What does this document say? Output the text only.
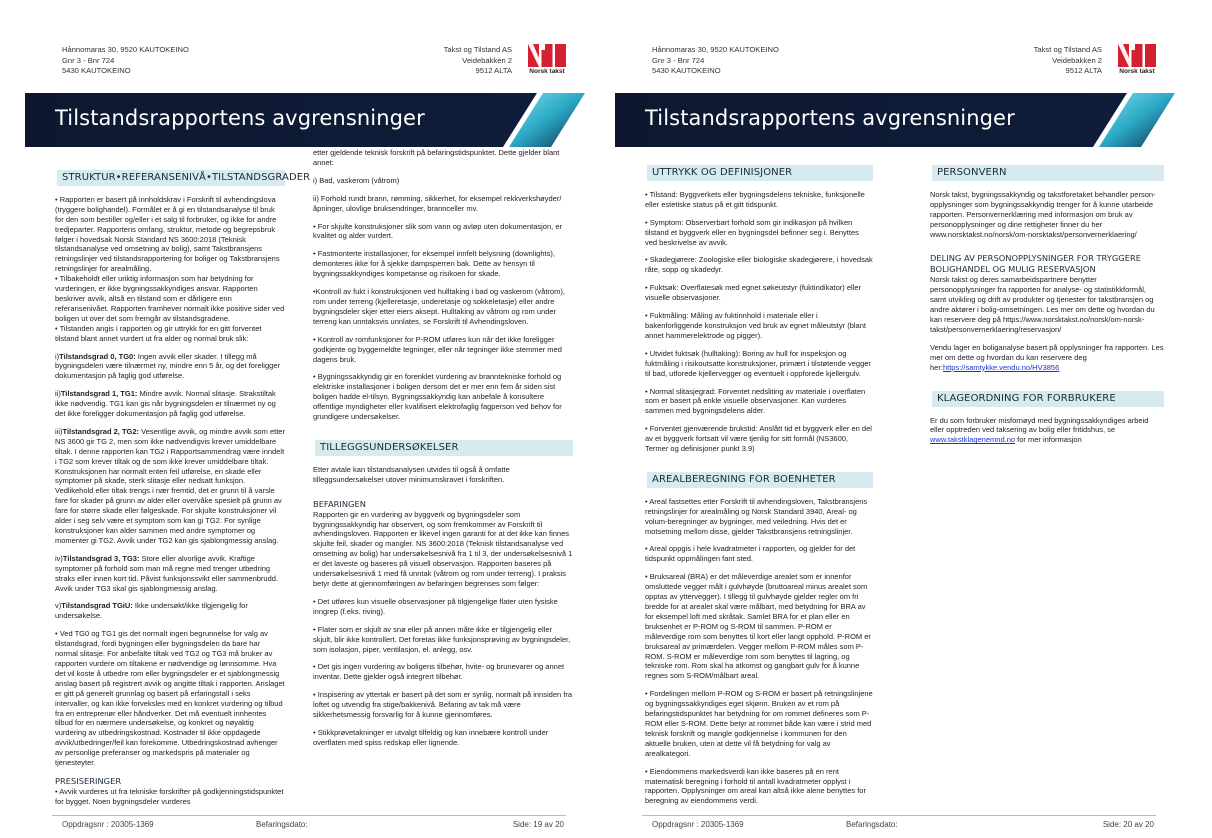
Hånnomaras 30, 9520 KAUTOKEINO
Gnr 3 - Bnr 724
5430 KAUTOKEINO
Takst og Tilstand AS
Veidebakken 2
9512 ALTA	Norsk takst
Tilstandsrapportens avgrensninger
STRUKTUR•REFERANSENIVÅ•TILSTANDSGRADER
• Rapporten er basert på innholdskrav i Forskrift til avhendingslova (tryggere bolighandel). Formålet er å gi en tilstandsanalyse til bruk for den som bestiller og/eller i et salg til forbruker, og ikke for andre tredjeparter. Rapportens omfang, struktur, metode og begrepsbruk følger i hovedsak Norsk Standard NS 3600:2018 (Teknisk tilstandsanalyse ved omsetning av bolig), samt Takstbransjens retningslinjer ved tilstandsrapportering for boliger og Takstbransjens retningslinjer for arealmåling.
• Tilbakeholdt eller uriktig informasjon som har betydning for vurderingen, er ikke bygningssakkyndiges ansvar. Rapporten beskriver avvik, altså en tilstand som er dårligere enn referansenivået. Rapporten framhever normalt ikke positive sider ved boligen ut over det som fremgår av tilstandsgradene.
• Tilstanden angis i rapporten og gir uttrykk for en gitt forventet tilstand blant annet vurdert ut fra alder og normal bruk slik:
i)Tilstandsgrad 0, TG0: Ingen avvik eller skader. I tillegg må bygningsdelen være tilnærmet ny, mindre enn 5 år, og det foreligger dokumentasjon på faglig god utførelse.
ii)Tilstandsgrad 1, TG1: Mindre avvik. Normal slitasje. Strakstiltak ikke nødvendig. TG1 kan gis når bygningsdelen er tilnærmet ny og det ikke foreligger dokumentasjon på faglig god utførelse.
iii)Tilstandsgrad 2, TG2: Vesentlige avvik, og mindre avvik som etter NS 3600 gir TG 2, men som ikke nødvendigvis krever umiddelbare tiltak. I denne rapporten kan TG2 i Rapportsammendrag være inndelt i TG2 som krever tiltak og de som ikke krever umiddelbare tiltak.
Konstruksjonen har normalt enten feil utførelse, en skade eller symptomer på skade, sterk slitasje eller nedsatt funksjon. Vedlikehold eller tiltak trengs i nær fremtid, det er grunn til å varsle fare for skader på grunn av alder eller overvåke spesielt på grunn av fare for større skade eller følgeskade. For skjulte konstruksjoner vil alder i seg selv være et symptom som kan gi TG2. For synlige konstruksjoner kan alder sammen med andre symptomer og momenter gi TG2. Avvik under TG2 kan gis sjablongmessig anslag.
iv)Tilstandsgrad 3, TG3: Store eller alvorlige avvik. Kraftige symptomer på forhold som man må regne med trenger utbedring straks eller innen kort tid. Påvist funksjonssvikt eller sammenbrudd. Avvik under TG3 skal gis sjablongmessig anslag.
v)Tilstandsgrad TGiU: Ikke undersøkt/ikke tilgjengelig for undersøkelse.
• Ved TG0 og TG1 gis det normalt ingen begrunnelse for valg av tilstandsgrad, fordi bygningen eller bygningsdelen da bare har normal slitasje. For anbefalte tiltak ved TG2 og TG3 må bruker av rapporten vurdere om tiltakene er nødvendige og lønnsomme. Hva det vil koste å utbedre rom eller bygningsdeler er et sjablongmessig anslag basert på registrert avvik og angitte tiltak i rapporten. Anslaget er gitt på generelt grunnlag og basert på erfaringstall i seks intervaller, og kan ikke forveksles med en konkret vurdering og tilbud fra en entreprenør eller håndverker. Det må eventuelt innhentes tilbud for en nærmere undersøkelse, og konkret og nøyaktig vurdering av utbedringskostnad. Kostnader til ikke oppdagede avvik/utbedringer/feil kan forekomme. Utbedringskostnad avhenger av personlige preferanser og markedspris på materialer og tjenesteyter.
PRESISERINGER
• Avvik vurderes ut fra tekniske forskrifter på godkjenningstidspunktet for bygget. Noen bygningsdeler vurderes
etter gjeldende teknisk forskrift på befaringstidspunktet. Dette gjelder blant annet:
i) Bad, vaskerom (våtrom)
ii) Forhold rundt brann, rømming, sikkerhet, for eksempel rekkverkshøyder/åpninger, ulovlige bruksendringer, brannceller mv.
• For skjulte konstruksjoner slik som vann og avløp uten dokumentasjon, er kvalitet og alder vurdert.
• Fastmonterte installasjoner, for eksempel innfelt belysning (downlights), demonteres ikke for å sjekke dampsperren bak. Dette av hensyn til bygningssakkyndiges kompetanse og risikoen for skade.
•Kontroll av fukt i konstruksjonen ved hulltaking i bad og vaskerom (våtrom), rom under terreng (kjelleretasje, underetasje og sokkeletasje) eller andre bygningsdeler skjer etter eiers aksept. Hulltaking av våtrom og rom under terreng kan unntaksvis unnlates, se Forskrift til Avhendingsloven.
• Kontroll av romfunksjoner for P-ROM utføres kun når det ikke foreligger godkjente og byggemeldte tegninger, eller når tegninger ikke stemmer med dagens bruk.
• Bygningssakkyndig gir en forenklet vurdering av branntekniske forhold og elektriske installasjoner i boligen dersom det er mer enn fem år siden sist boligen hadde el-tilsyn. Bygningssakkyndig kan anbefale å konsultere offentlige myndigheter eller kvalifisert elektrofaglig fagperson ved behov for grundigere undersøkelser.
TILLEGGSUNDERSØKELSER
Etter avtale kan tilstandsanalysen utvides til også å omfatte tilleggsundersøkelser utover minimumskravet i forskriften.
BEFARINGEN
Rapporten gir en vurdering av byggverk og bygningsdeler som bygningssakkyndig har observert, og som fremkommer av Forskrift til avhendingsloven. Rapporten er likevel ingen garanti for at det ikke kan finnes skjulte feil, skader og mangler. NS 3600:2018 (Teknisk tilstandsanalyse ved omsetning av bolig) har undersøkelsesnivå fra 1 til 3, der undersøkelsesnivå 1 er det laveste og baseres på visuell observasjon. Rapporten baseres på undersøkelsesnivå 1 med få unntak (våtrom og rom under terreng). I praksis betyr dette at gjennomføringen av befaringen begrenses som følger:
• Det utføres kun visuelle observasjoner på tilgjengelige flater uten fysiske inngrep (f.eks. riving).
• Flater som er skjult av snø eller på annen måte ikke er tilgjengelig eller skjult, blir ikke kontrollert. Det foretas ikke funksjonsprøving av bygningsdeler, som isolasjon, piper, ventilasjon, el. anlegg, osv.
• Det gis ingen vurdering av boligens tilbehør, hvite- og brunevarer og annet inventar. Dette gjelder også integrert tilbehør.
• Inspisering av yttertak er basert på det som er synlig, normalt på innsiden fra loftet og utvendig fra stige/bakkenivå. Befaring av tak må være sikkerhetsmessig forsvarlig for å kunne gjennomføres.
• Stikkprøvetakninger er utvalgt tilfeldig og kan innebære kontroll under overflaten med spiss redskap eller lignende.
Oppdragsnr : 20305-1369	Befaringsdato:	Side: 19 av 20
Hånnomaras 30, 9520 KAUTOKEINO
Gnr 3 - Bnr 724
5430 KAUTOKEINO
Takst og Tilstand AS
Veidebakken 2
9512 ALTA	Norsk takst
Tilstandsrapportens avgrensninger
UTTRYKK OG DEFINISJONER
• Tilstand: Byggverkets eller bygningsdelens tekniske, funksjonelle eller estetiske status på et gitt tidspunkt.
• Symptom: Observerbart forhold som gir indikasjon på hvilken tilstand et byggverk eller en bygningsdel befinner seg i. Benyttes ved beskrivelse av avvik.
• Skadegjørere: Zoologiske eller biologiske skadegjørere, i hovedsak råte, sopp og skadedyr.
• Fuktsøk: Overflatesøk med egnet søkeutstyr (fuktindikator) eller visuelle observasjoner.
• Fuktmåling: Måling av fuktinnhold i materiale eller i bakenforliggende konstruksjon ved bruk av egnet måleutstyr (blant annet hammerelektrode og pigger).
• Utvidet fuktsøk (hulltaking): Boring av hull for inspeksjon og fuktmåling i risikoutsatte konstruksjoner, primært i tilstøtende vegger til bad, utforede kjellervegger og eventuelt i oppforede kjellergulv.
• Normal slitasjegrad: Forventet nedsliting av materiale i overflaten som er basert på enkle visuelle observasjoner. Kan vurderes sammen med bygningsdelens alder.
• Forventet gjenværende brukstid: Anslått tid et byggverk eller en del av et byggverk fortsatt vil være tjenlig for sitt formål (NS3600, Termer og definisjoner punkt 3.9)
AREALBEREGNING FOR BOENHETER
• Areal fastsettes etter Forskrift til avhendingsloven, Takstbransjens retningslinjer for arealmåling og Norsk Standard 3940, Areal- og volum-beregninger av bygninger, med veiledning. Hvis det er motsetning mellom disse, gjelder Takstbransjens retningslinjer.
• Areal oppgis i hele kvadratmeter i rapporten, og gjelder for det tidspunkt oppmålingen fant sted.
• Bruksareal (BRA) er det måleverdige arealet som er innenfor omsluttede vegger målt i gulvhøyde (bruttoareal minus arealet som opptas av yttervegger). I tillegg til gulvhøyde gjelder regler om fri bredde for at arealet skal være målbart, med betydning for BRA av for eksempel loft med skråtak. Samlet BRA for et plan eller en bruksenhet er P-ROM og S-ROM til sammen. P-ROM er måleverdige rom som benyttes til kort eller langt opphold. P-ROM er bruksareal av primærdelen. Vegger mellom P-ROM måles som P-ROM. S-ROM er måleverdige rom som benyttes til lagring, og tekniske rom. Rom skal ha atkomst og gangbart gulv for å kunne regnes som S-ROM/målbart areal.
• Fordelingen mellom P-ROM og S-ROM er basert på retningslinjene og bygningssakkyndiges eget skjønn. Bruken av et rom på befaringstidspunktet har betydning for om rommet defineres som P-ROM eller S-ROM. Dette betyr at rommet både kan være i strid med teknisk forskrift og mangle godkjennelse i kommunen for den aktuelle bruken, uten at dette vil få betydning for valg av arealkategori.
• Eiendommens markedsverdi kan ikke baseres på en rent matematisk beregning i forhold til antall kvadratmeter opplyst i rapporten. Opplysninger om areal kan altså ikke alene benyttes for beregning av eiendommens verdi.
PERSONVERN
Norsk takst, bygningssakkyndig og takstforetaket behandler person-opplysninger som bygningssakkyndig trenger for å kunne utarbeide rapporten. Personvernerklæring med informasjon om bruk av personopplysninger og dine rettigheter finner du her www.norsktakst.no/norsk/om-norsktakst/personvernerklaering/
DELING AV PERSONOPPLYSNINGER FOR TRYGGERE BOLIGHANDEL OG MULIG RESERVASJON
Norsk takst og deres samarbeidspartnere benytter personopplysninger fra rapporten for analyse- og statistikkformål, samt utvikling og drift av produkter og tjenester for takstbransjen og andre aktører i bolig-omsetningen. Les mer om dette og hvordan du kan reservere deg på https://www.norsktakst.no/norsk/om-norsk-takst/personvernerklaering/reservasjon/
Vendu lager en boliganalyse basert på opplysninger fra rapporten. Les mer om dette og hvordan du kan reservere deg her:https://samtykke.vendu.no/HV3856
KLAGEORDNING FOR FORBRUKERE
Er du som forbruker misfornøyd med bygningssakkyndiges arbeid eller opptreden ved taksering av bolig eller fritidshus, se www.takstklagenemnd.no for mer informasjon
Oppdragsnr : 20305-1369	Befaringsdato:	Side: 20 av 20
